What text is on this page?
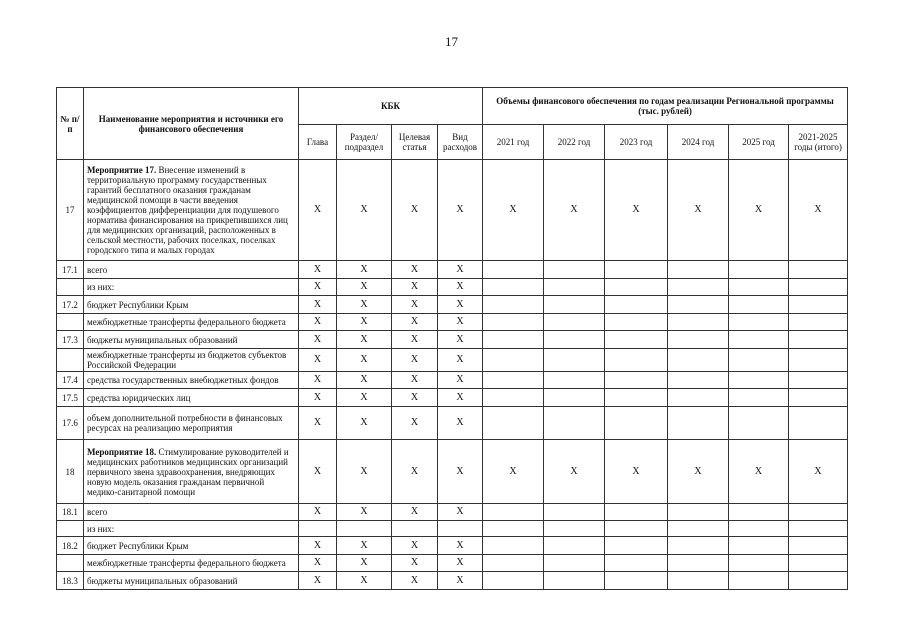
17
№ п/п	Наименование мероприятия и источники его финансового обеспечения	КБК				Объемы финансового обеспечения по годам реализации Региональной программы (тыс. рублей)					
		Глава	Раздел/ подраздел	Целевая статья	Вид расходов	2021 год	2022 год	2023 год	2024 год	2025 год	2021-2025 годы (итого)
17	Мероприятие 17. Внесение изменений в территориальную программу государственных гарантий бесплатного оказания гражданам медицинской помощи в части введения коэффициентов дифференциации для подушевого норматива финансирования на прикрепившихся лиц для медицинских организаций, расположенных в сельской местности, рабочих поселках, поселках городского типа и малых городах	X	X	X	X	X	X	X	X	X	X
17.1	всего	X	X	X	X						
	из них:	X	X	X	X						
17.2	бюджет Республики Крым	X	X	X	X						
	межбюджетные трансферты федерального бюджета	X	X	X	X						
17.3	бюджеты муниципальных образований	X	X	X	X						
	межбюджетные трансферты из бюджетов субъектов Российской Федерации	X	X	X	X						
17.4	средства государственных внебюджетных фондов	X	X	X	X						
17.5	средства юридических лиц	X	X	X	X						
17.6	объем дополнительной потребности в финансовых ресурсах на реализацию мероприятия	X	X	X	X						
18	Мероприятие 18. Стимулирование руководителей и медицинских работников медицинских организаций первичного звена здравоохранения, внедряющих новую модель оказания гражданам первичной медико-санитарной помощи	X	X	X	X	X	X	X	X	X	X
18.1	всего	X	X	X	X						
	из них:										
18.2	бюджет Республики Крым	X	X	X	X						
	межбюджетные трансферты федерального бюджета	X	X	X	X						
18.3	бюджеты муниципальных образований	X	X	X	X						
